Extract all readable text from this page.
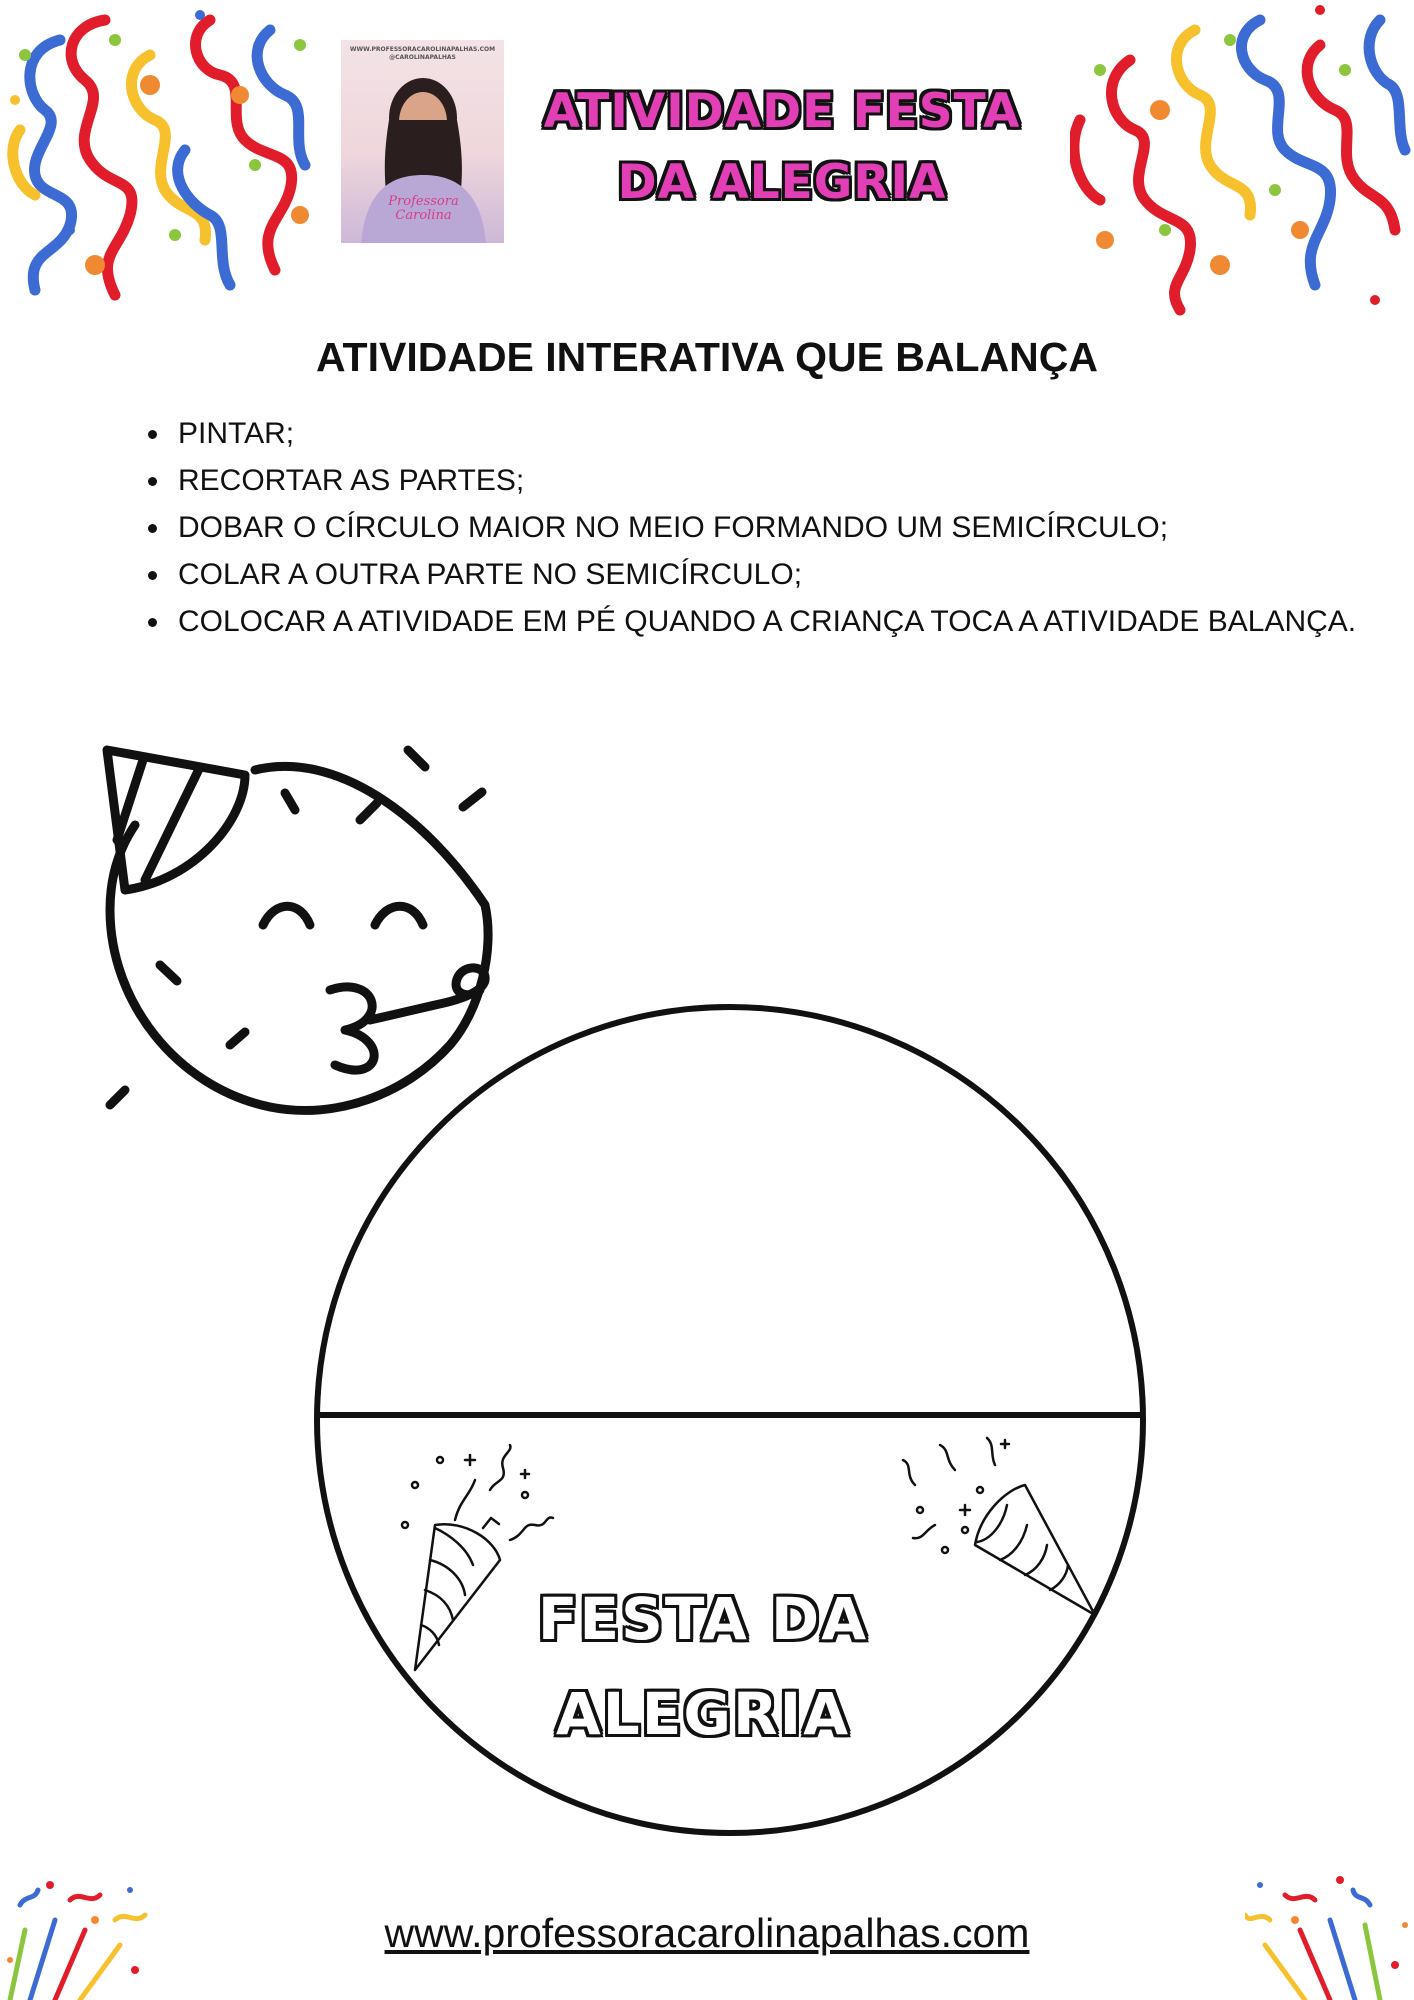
WWW.PROFESSORACAROLINAPALHAS.COM
@CAROLINAPALHAS
Professora
Carolina
ATIVIDADE FESTA
DA ALEGRIA
ATIVIDADE INTERATIVA QUE BALANÇA
• PINTAR;
• RECORTAR AS PARTES;
• DOBAR O CÍRCULO MAIOR NO MEIO FORMANDO UM SEMICÍRCULO;
• COLAR A OUTRA PARTE NO SEMICÍRCULO;
• COLOCAR A ATIVIDADE EM PÉ QUANDO A CRIANÇA TOCA A ATIVIDADE BALANÇA.
FESTA DA
ALEGRIA
www.professoracarolinapalhas.com
